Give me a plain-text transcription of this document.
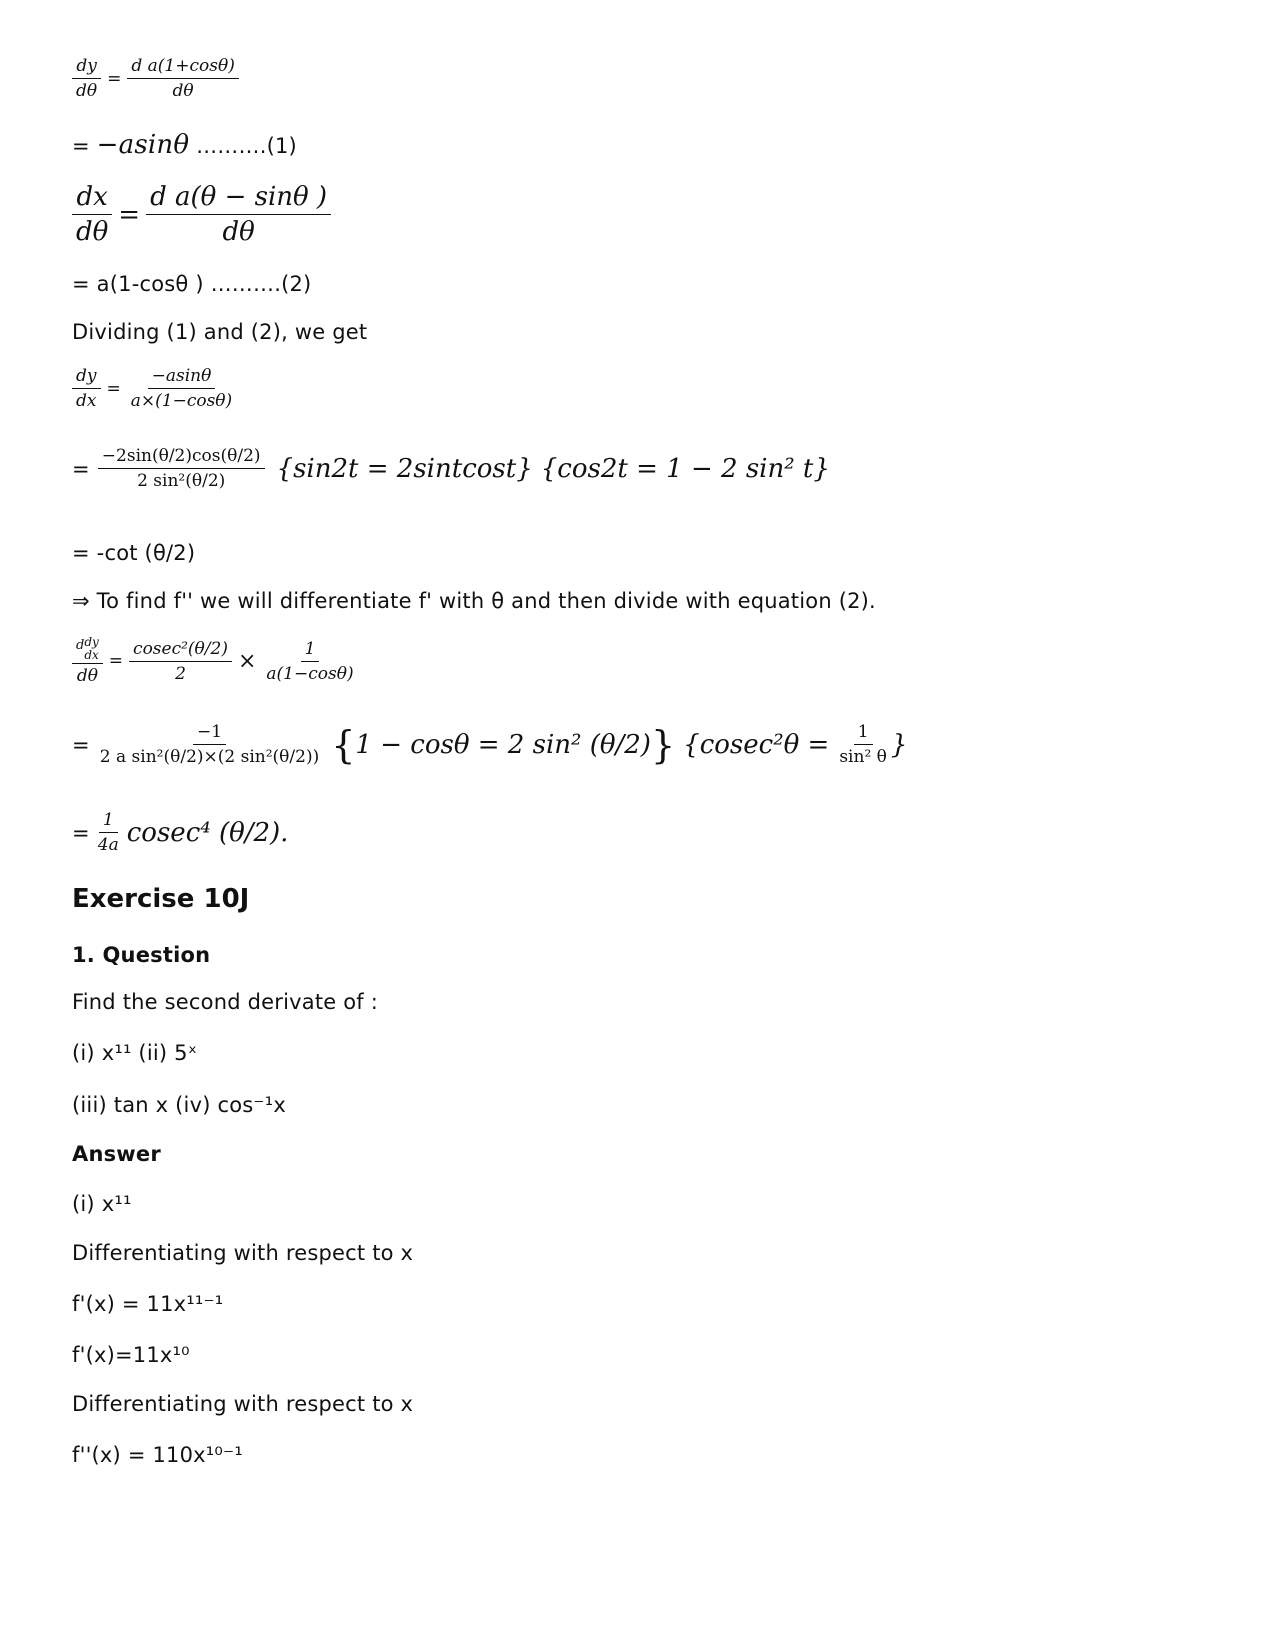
$\frac{dy}{d\theta} = \frac{\text{d a(1+cosθ)}}{d\theta}$
= −asinθ ……….(1)
$\frac{dx}{d\theta} = \frac{\text{d a(θ − sinθ )}}{d\theta}$
= a(1-cosθ ) ……….(2)
Dividing (1) and (2), we get
$\frac{dy}{dx} = \frac{-asin\theta}{a\times(1-\cos\theta)}$
= $\frac{-2\sin(\theta/2)\cos(\theta/2)}{\text{2 sin²(θ/2)}} \{\sin 2t$ = 2sintcost} {cos2t = 1 − 2 sin² t}
= -cot (θ/2)
⇒ To find f'' we will differentiate f' with θ and then divide with equation (2).
ddy
dx
dθ
= $\frac{\text{cosec²(θ/2)}}{2} \times \frac{1}{a(1-\cos\theta)}$
= $\frac{-1}{\text{2 a sin²(θ/2)×(2 sin²(θ/2))}}$ { 1 − cosθ = 2 sin² (θ/2) } { $cosec^2\theta = \frac{1}{\text{sin² θ}}$ }
= $\frac{1}{4a} cosec^4$ (θ/2).
Exercise 10J
1. Question
Find the second derivate of :
(i) x¹¹ (ii) 5ˣ
(iii) tan x (iv) cos⁻¹x
Answer
(i) x¹¹
Differentiating with respect to x
f'(x) = 11x¹¹⁻¹
f'(x)=11x¹⁰
Differentiating with respect to x
f''(x) = 110x¹⁰⁻¹
